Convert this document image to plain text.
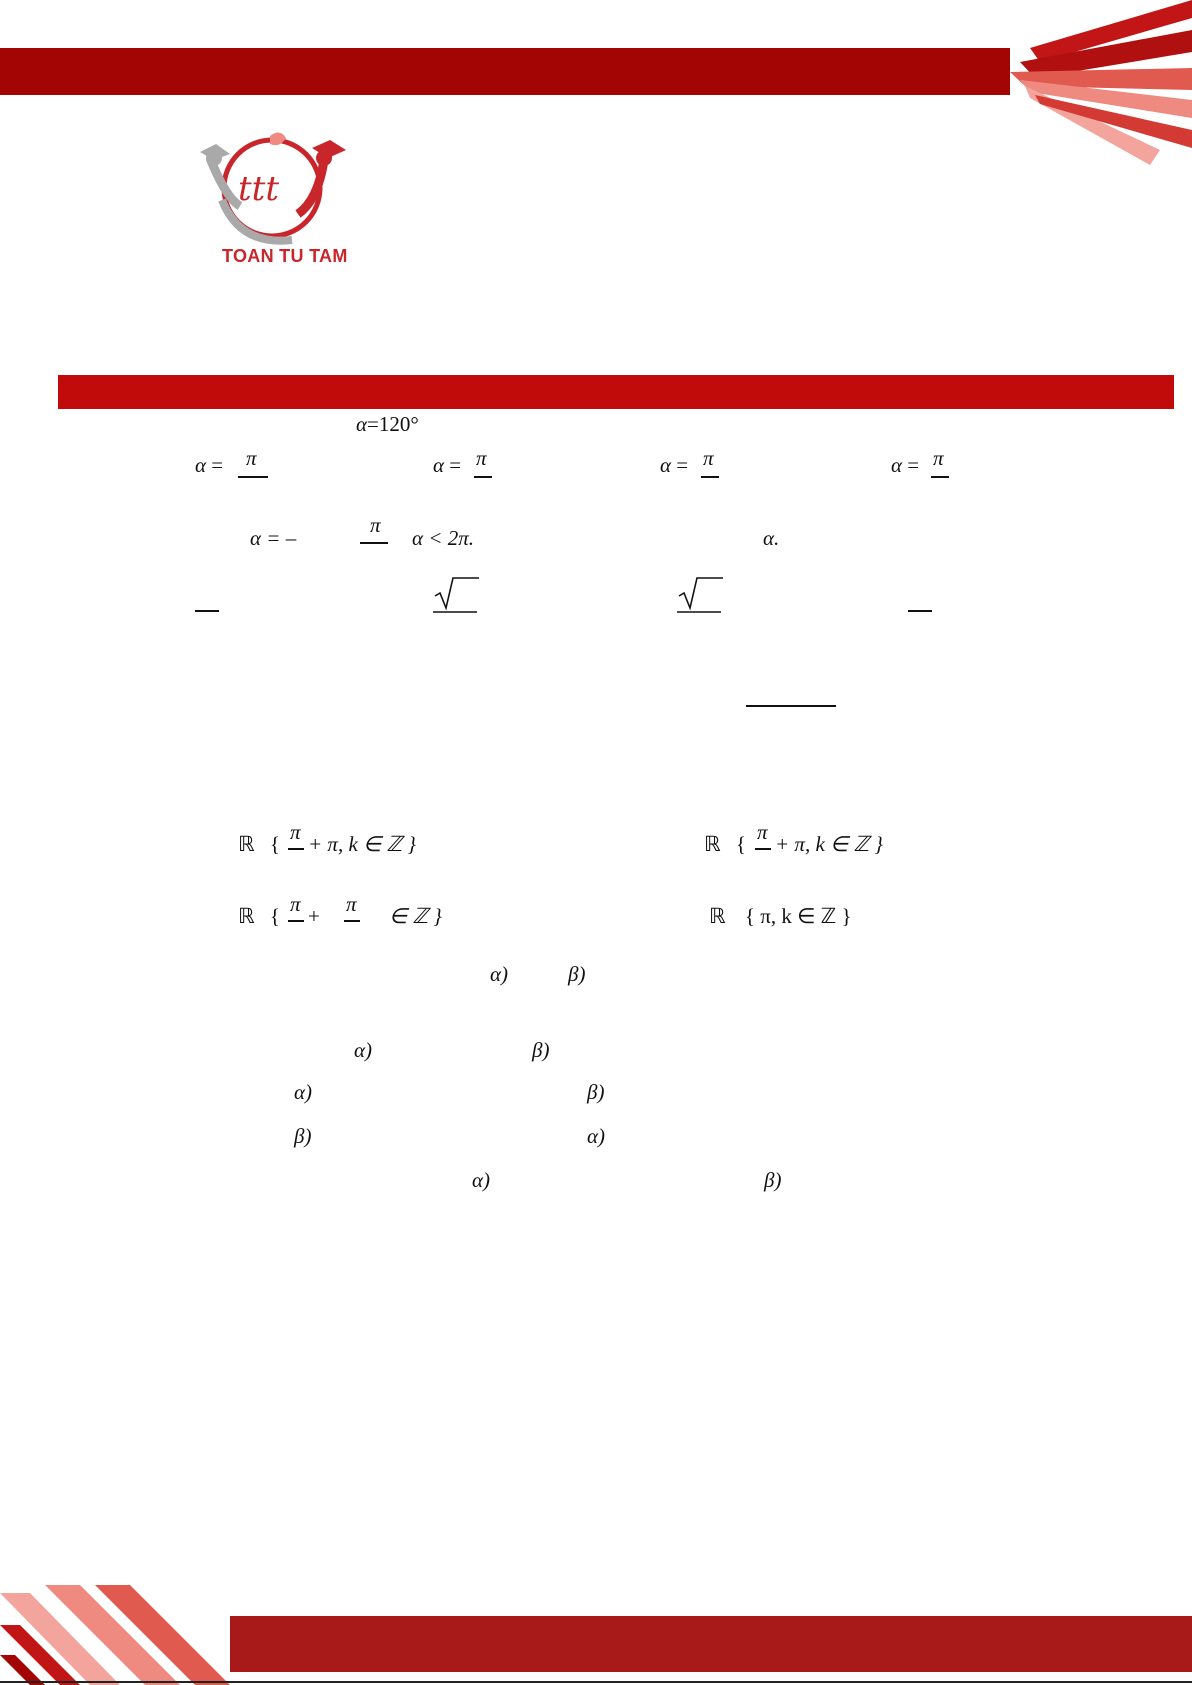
ttt
TOAN TU TAM
α=120°
α = π	α = π	α = π	α = π
α = –
π
α < 2π.	α.
ℝ { π + π, k ∈ ℤ }	ℝ { π + π, k ∈ ℤ }
ℝ { π + π ∈ ℤ }	ℝ { π, k ∈ ℤ }
α)	β)
α)	β)
α)	β)
β)	α)
α)	β)
